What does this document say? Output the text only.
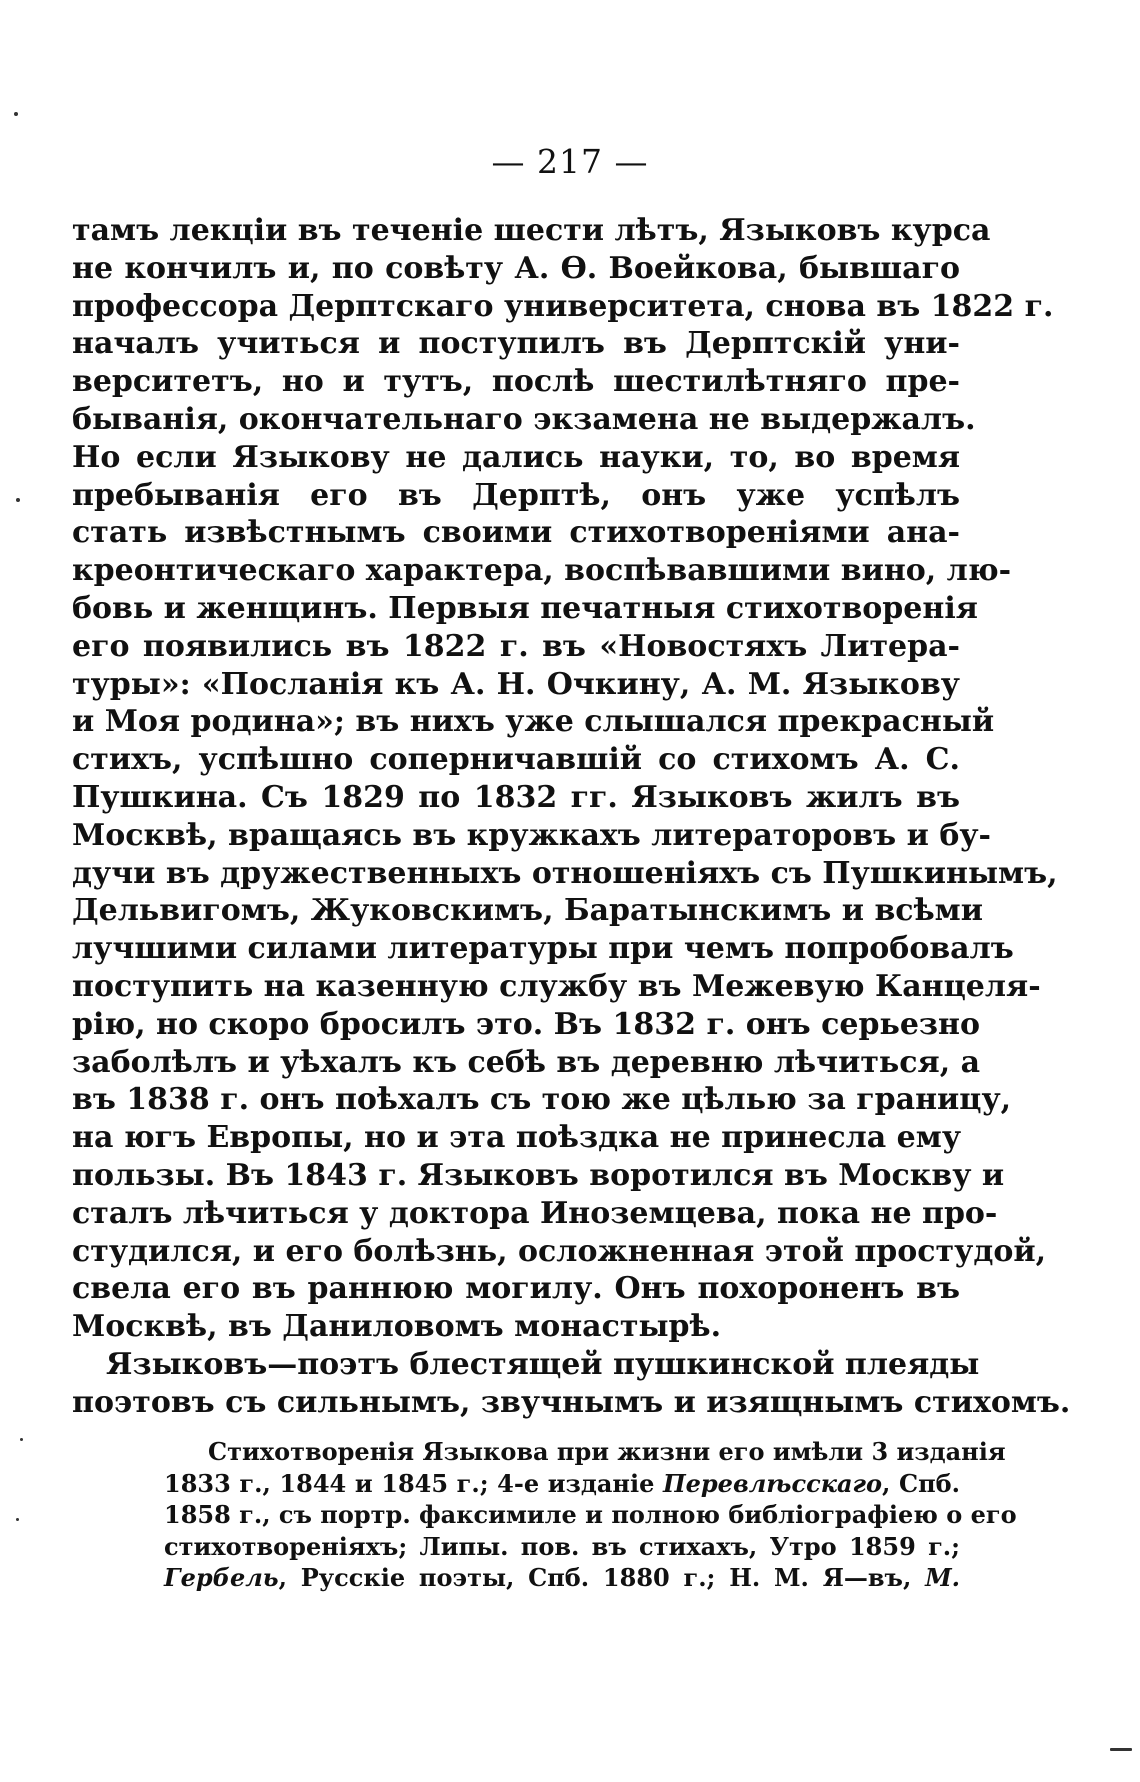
— 217 —
тамъ лекціи въ теченіе шести лѣтъ, Языковъ курса
не кончилъ и, по совѣту А. Ѳ. Воейкова, бывшаго
профессора Дерптскаго университета, снова въ 1822 г.
началъ учиться и поступилъ въ Дерптскій уни-
верситетъ, но и тутъ, послѣ шестилѣтняго пре-
быванія, окончательнаго экзамена не выдержалъ.
Но если Языкову не дались науки, то, во время
пребыванія его въ Дерптѣ, онъ уже успѣлъ
стать извѣстнымъ своими стихотвореніями ана-
креонтическаго характера, воспѣвавшими вино, лю-
бовь и женщинъ. Первыя печатныя стихотворенія
его появились въ 1822 г. въ «Новостяхъ Литера-
туры»: «Посланія къ А. Н. Очкину, А. М. Языкову
и Моя родина»; въ нихъ уже слышался прекрасный
стихъ, успѣшно соперничавшій со стихомъ А. С.
Пушкина. Съ 1829 по 1832 гг. Языковъ жилъ въ
Москвѣ, вращаясь въ кружкахъ литераторовъ и бу-
дучи въ дружественныхъ отношеніяхъ съ Пушкинымъ,
Дельвигомъ, Жуковскимъ, Баратынскимъ и всѣми
лучшими силами литературы при чемъ попробовалъ
поступить на казенную службу въ Межевую Канцеля-
рію, но скоро бросилъ это. Въ 1832 г. онъ серьезно
заболѣлъ и уѣхалъ къ себѣ въ деревню лѣчиться, а
въ 1838 г. онъ поѣхалъ съ тою же цѣлью за границу,
на югъ Европы, но и эта поѣздка не принесла ему
пользы. Въ 1843 г. Языковъ воротился въ Москву и
сталъ лѣчиться у доктора Иноземцева, пока не про-
студился, и его болѣзнь, осложненная этой простудой,
свела его въ раннюю могилу. Онъ похороненъ въ
Москвѣ, въ Даниловомъ монастырѣ.
Языковъ—поэтъ блестящей пушкинской плеяды
поэтовъ съ сильнымъ, звучнымъ и изящнымъ стихомъ.
Стихотворенія Языкова при жизни его имѣли 3 изданія
1833 г., 1844 и 1845 г.; 4-е изданіе Перевлѣсскаго, Спб.
1858 г., съ портр. факсимиле и полною библіографіею о его
стихотвореніяхъ; Липы. пов. въ стихахъ, Утро 1859 г.;
Гербель, Русскіе поэты, Спб. 1880 г.; Н. М. Я—въ, М.
